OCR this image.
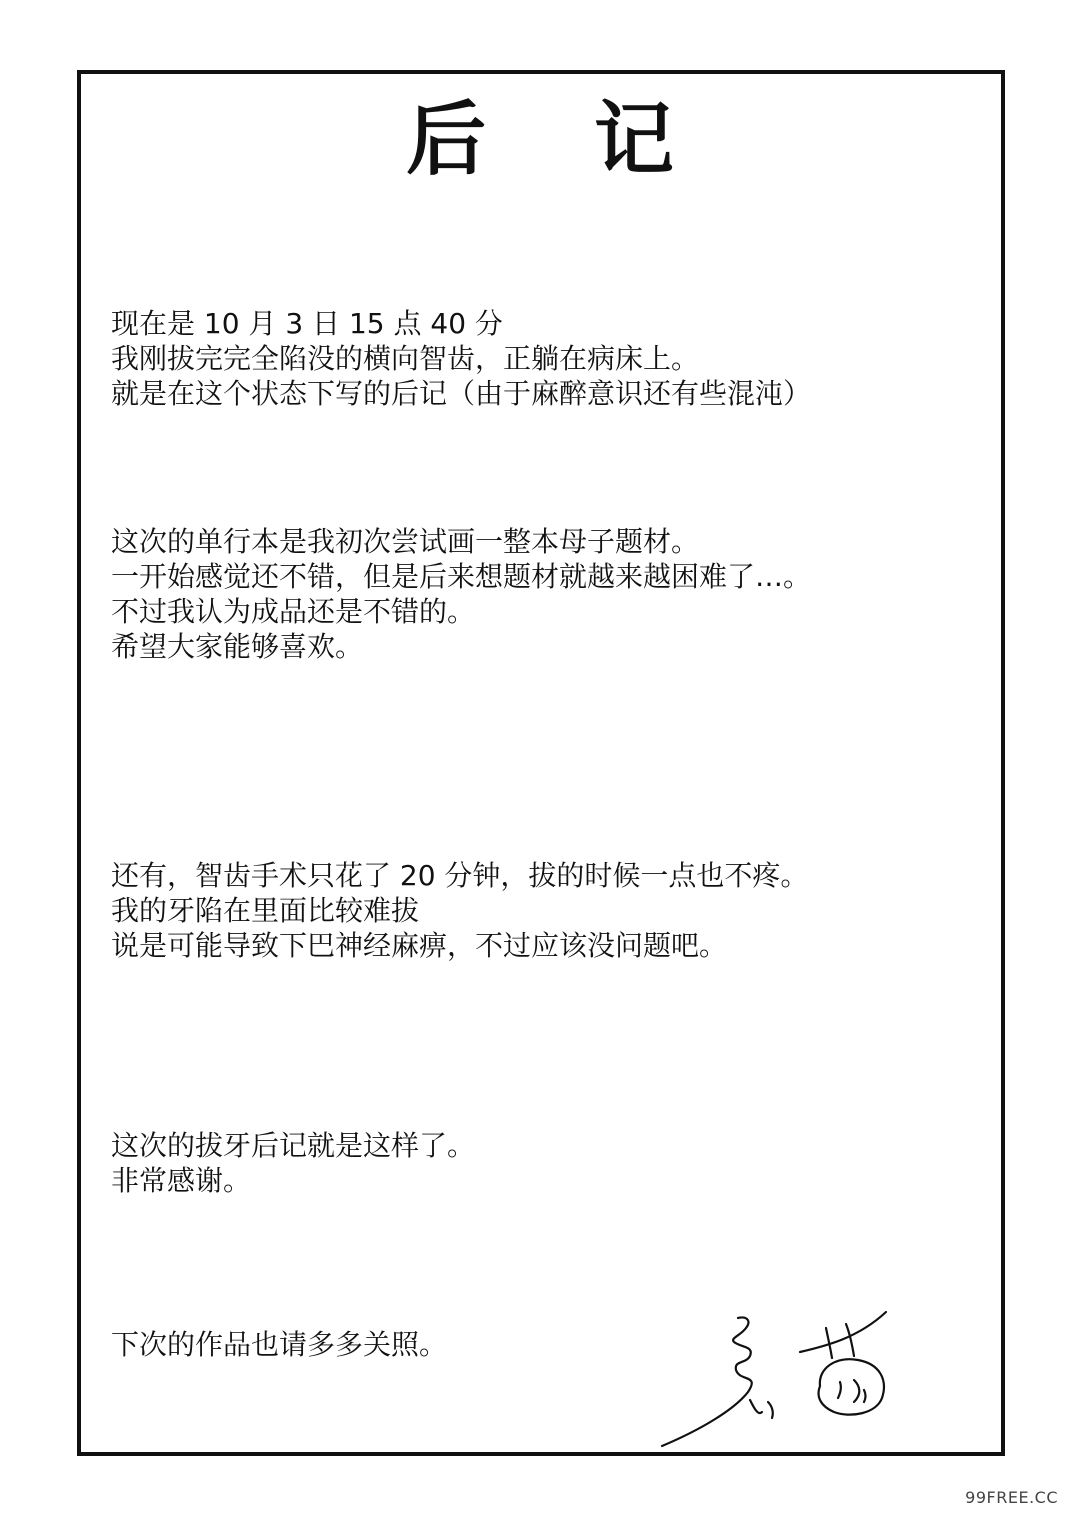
后 记
现在是 10 月 3 日 15 点 40 分
我刚拔完完全陷没的横向智齿，正躺在病床上。
就是在这个状态下写的后记（由于麻醉意识还有些混沌）
这次的单行本是我初次尝试画一整本母子题材。
一开始感觉还不错，但是后来想题材就越来越困难了…。
不过我认为成品还是不错的。
希望大家能够喜欢。
还有，智齿手术只花了 20 分钟，拔的时候一点也不疼。
我的牙陷在里面比较难拔
说是可能导致下巴神经麻痹，不过应该没问题吧。
这次的拔牙后记就是这样了。
非常感谢。
下次的作品也请多多关照。
99FREE.CC
